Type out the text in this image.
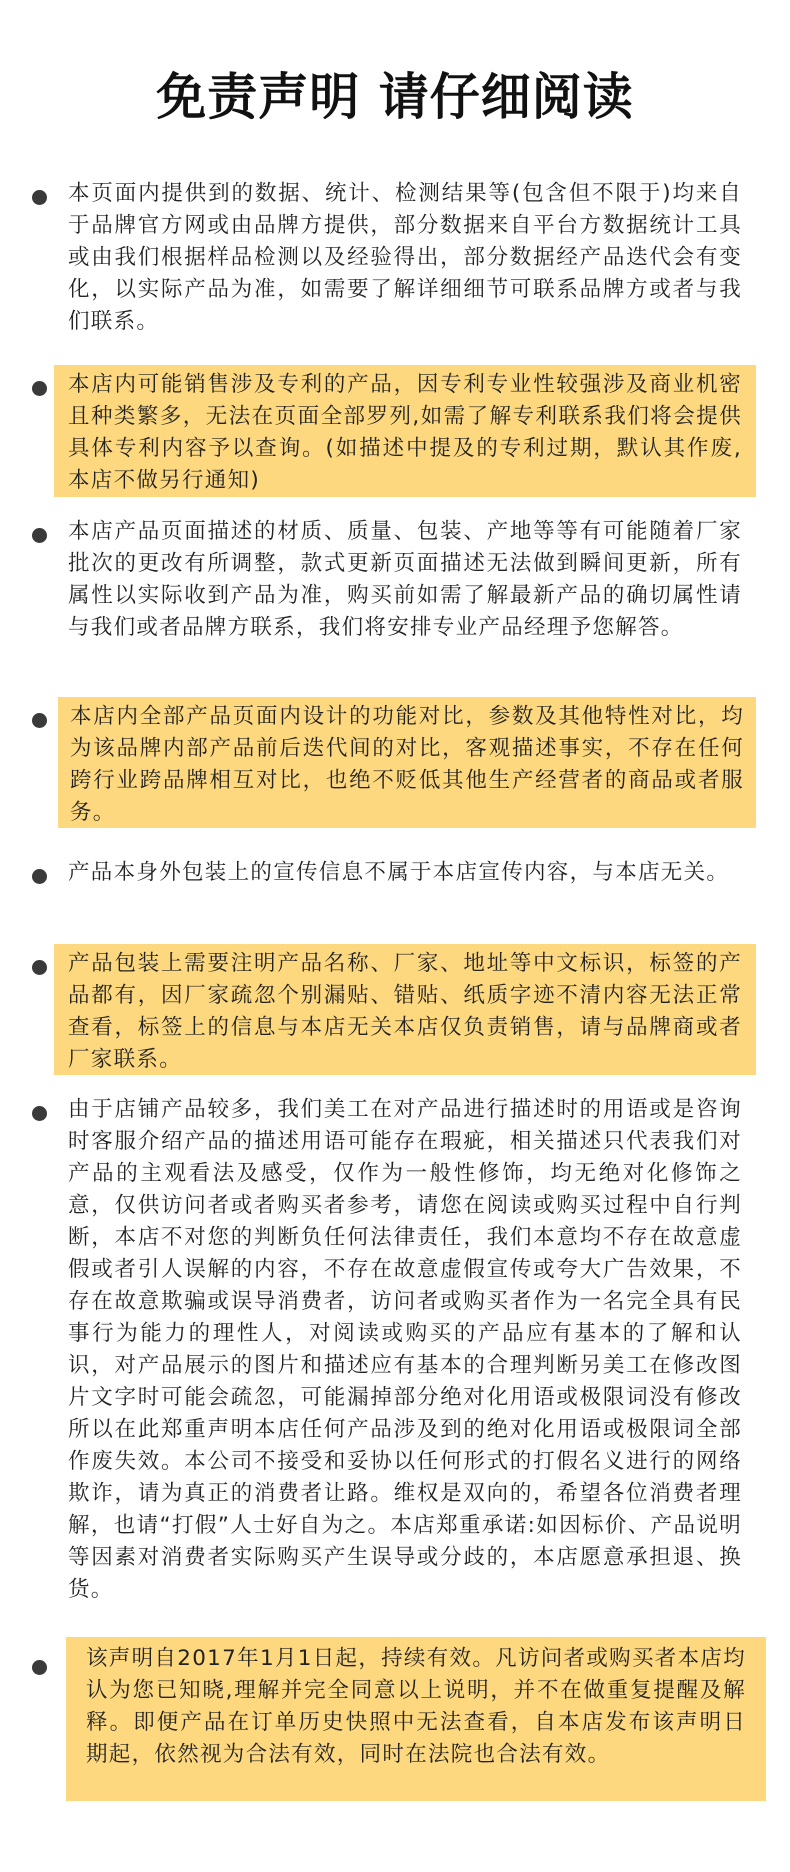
免责声明 请仔细阅读

本页面内提供到的数据、统计、检测结果等(包含但不限于)均来自于品牌官方网或由品牌方提供，部分数据来自平台方数据统计工具或由我们根据样品检测以及经验得出，部分数据经产品迭代会有变化，以实际产品为准，如需要了解详细细节可联系品牌方或者与我们联系。

本店内可能销售涉及专利的产品，因专利专业性较强涉及商业机密且种类繁多，无法在页面全部罗列,如需了解专利联系我们将会提供具体专利内容予以查询。(如描述中提及的专利过期，默认其作废,本店不做另行通知)

本店产品页面描述的材质、质量、包装、产地等等有可能随着厂家批次的更改有所调整，款式更新页面描述无法做到瞬间更新，所有属性以实际收到产品为准，购买前如需了解最新产品的确切属性请与我们或者品牌方联系，我们将安排专业产品经理予您解答。

本店内全部产品页面内设计的功能对比，参数及其他特性对比，均为该品牌内部产品前后迭代间的对比，客观描述事实，不存在任何跨行业跨品牌相互对比，也绝不贬低其他生产经营者的商品或者服务。

产品本身外包装上的宣传信息不属于本店宣传内容，与本店无关。

产品包装上需要注明产品名称、厂家、地址等中文标识，标签的产品都有，因厂家疏忽个别漏贴、错贴、纸质字迹不清内容无法正常查看，标签上的信息与本店无关本店仅负责销售，请与品牌商或者厂家联系。

由于店铺产品较多，我们美工在对产品进行描述时的用语或是咨询时客服介绍产品的描述用语可能存在瑕疵，相关描述只代表我们对产品的主观看法及感受，仅作为一般性修饰，均无绝对化修饰之意，仅供访问者或者购买者参考，请您在阅读或购买过程中自行判断，本店不对您的判断负任何法律责任，我们本意均不存在故意虚假或者引人误解的内容，不存在故意虚假宣传或夸大广告效果，不存在故意欺骗或误导消费者，访问者或购买者作为一名完全具有民事行为能力的理性人，对阅读或购买的产品应有基本的了解和认识，对产品展示的图片和描述应有基本的合理判断另美工在修改图片文字时可能会疏忽，可能漏掉部分绝对化用语或极限词没有修改所以在此郑重声明本店任何产品涉及到的绝对化用语或极限词全部作废失效。本公司不接受和妥协以任何形式的打假名义进行的网络欺诈，请为真正的消费者让路。维权是双向的，希望各位消费者理解，也请“打假”人士好自为之。本店郑重承诺:如因标价、产品说明等因素对消费者实际购买产生误导或分歧的，本店愿意承担退、换货。

该声明自2017年1月1日起，持续有效。凡访问者或购买者本店均认为您已知晓,理解并完全同意以上说明，并不在做重复提醒及解释。即便产品在订单历史快照中无法查看，自本店发布该声明日期起，依然视为合法有效，同时在法院也合法有效。
